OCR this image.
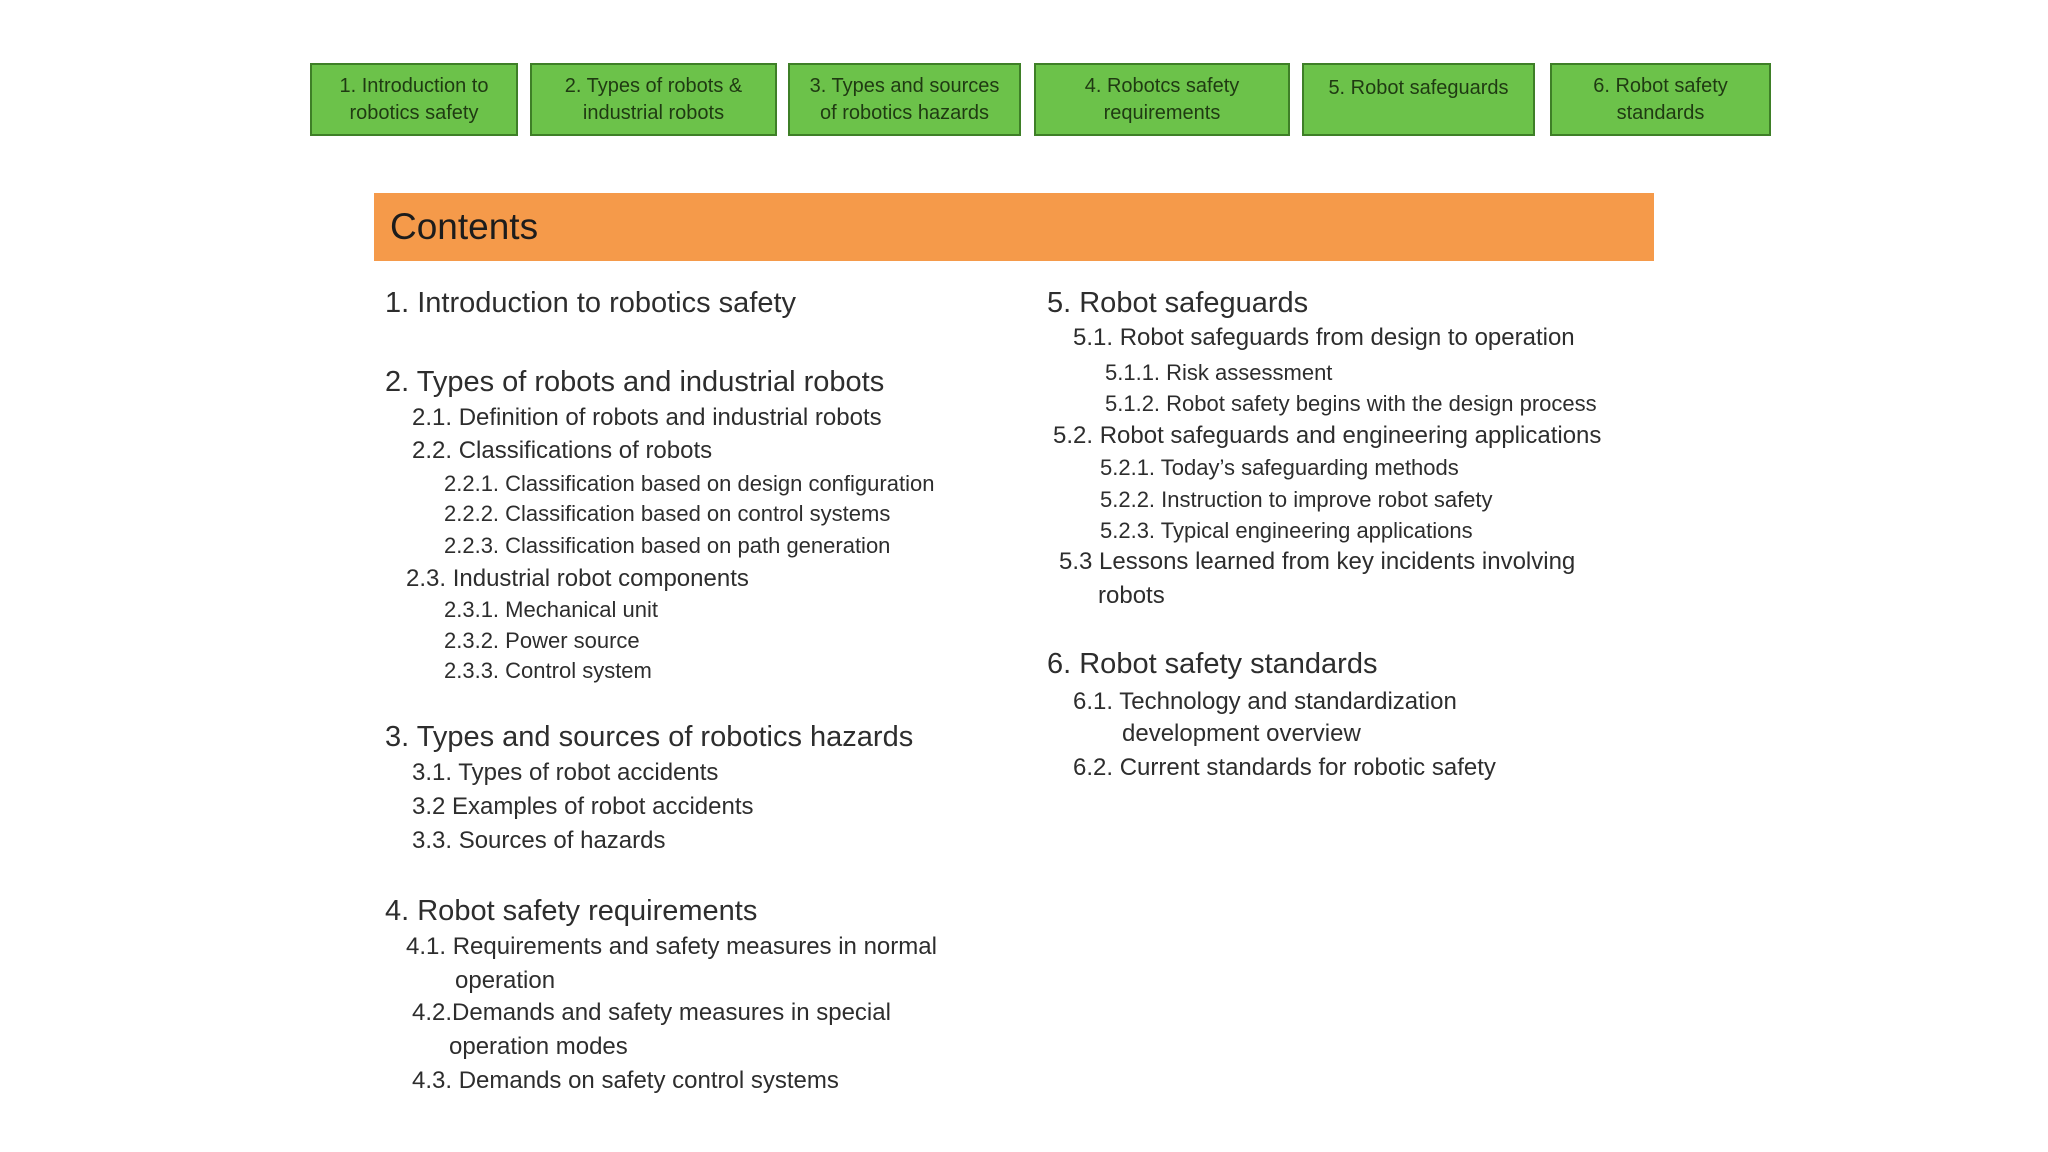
1. Introduction to
robotics safety
2. Types of robots &
industrial robots
3. Types and sources
of robotics hazards
4. Robotcs safety
requirements
5. Robot safeguards	6. Robot safety
standards
Contents
1. Introduction to robotics safety
2. Types of robots and industrial robots
2.1. Definition of robots and industrial robots
2.2. Classifications of robots
2.2.1. Classification based on design configuration
2.2.2. Classification based on control systems
2.2.3. Classification based on path generation
2.3. Industrial robot components
2.3.1. Mechanical unit
2.3.2. Power source
2.3.3. Control system
3. Types and sources of robotics hazards
3.1. Types of robot accidents
3.2 Examples of robot accidents
3.3. Sources of hazards
4. Robot safety requirements
4.1. Requirements and safety measures in normal
operation
4.2.Demands and safety measures in special
operation modes
4.3. Demands on safety control systems
5. Robot safeguards
5.1. Robot safeguards from design to operation
5.1.1. Risk assessment
5.1.2. Robot safety begins with the design process
5.2. Robot safeguards and engineering applications
5.2.1. Today’s safeguarding methods
5.2.2. Instruction to improve robot safety
5.2.3. Typical engineering applications
5.3 Lessons learned from key incidents involving
robots
6. Robot safety standards
6.1. Technology and standardization
development overview
6.2. Current standards for robotic safety
